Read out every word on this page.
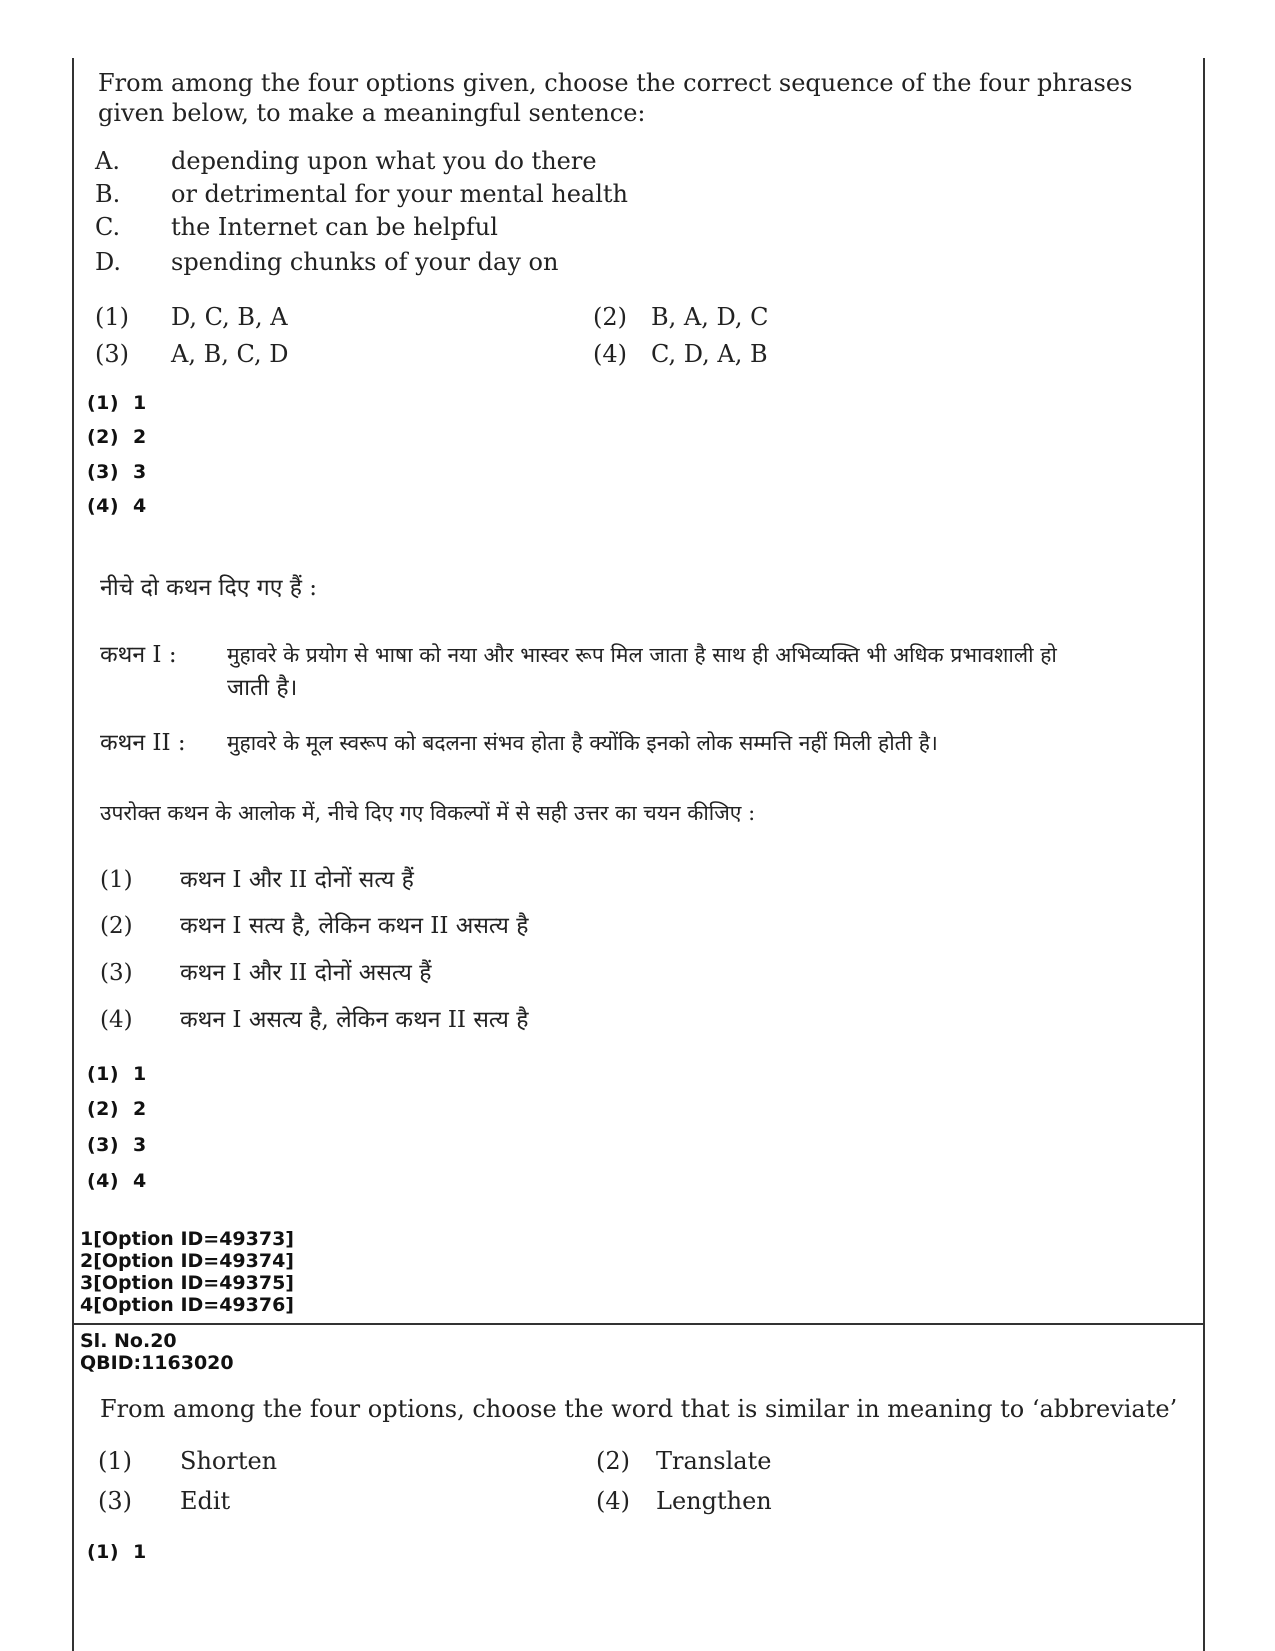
From among the four options given, choose the correct sequence of the four phrases given below, to make a meaningful sentence:
A. depending upon what you do there
B. or detrimental for your mental health
C. the Internet can be helpful
D. spending chunks of your day on
(1) D, C, B, A	(2) B, A, D, C
(3) A, B, C, D	(4) C, D, A, B
(1) 1
(2) 2
(3) 3
(4) 4
नीचे दो कथन दिए गए हैं :
कथन I : मुहावरे के प्रयोग से भाषा को नया और भास्वर रूप मिल जाता है साथ ही अभिव्यक्ति भी अधिक प्रभावशाली हो
जाती है।
कथन II : मुहावरे के मूल स्वरूप को बदलना संभव होता है क्योंकि इनको लोक सम्मत्ति नहीं मिली होती है।
उपरोक्त कथन के आलोक में, नीचे दिए गए विकल्पों में से सही उत्तर का चयन कीजिए :
(1) कथन I और II दोनों सत्य हैं
(2) कथन I सत्य है, लेकिन कथन II असत्य है
(3) कथन I और II दोनों असत्य हैं
(4) कथन I असत्य है, लेकिन कथन II सत्य है
(1) 1
(2) 2
(3) 3
(4) 4
1[Option ID=49373]
2[Option ID=49374]
3[Option ID=49375]
4[Option ID=49376]
Sl. No.20
QBID:1163020
From among the four options, choose the word that is similar in meaning to ‘abbreviate’
(1) Shorten	(2) Translate
(3) Edit	(4) Lengthen
(1) 1
